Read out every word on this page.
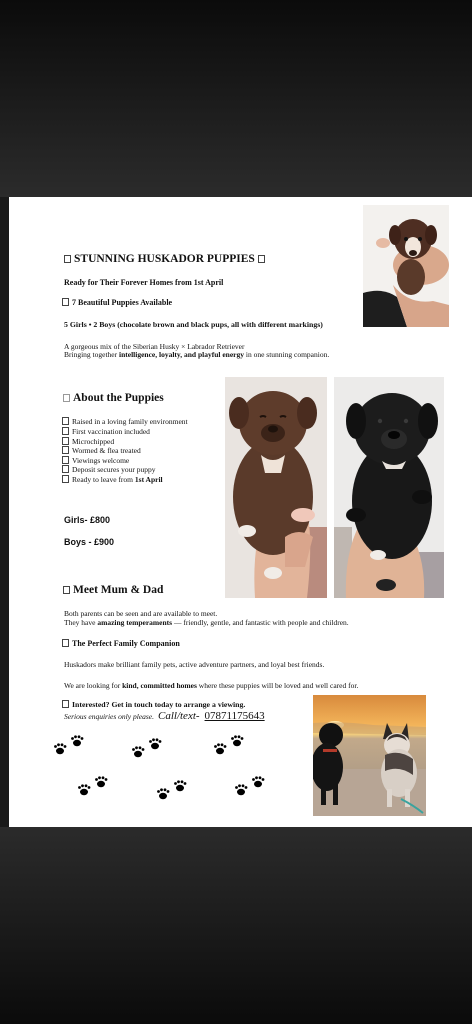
STUNNING HUSKADOR PUPPIES
Ready for Their Forever Homes from 1st April
7 Beautiful Puppies Available
5 Girls • 2 Boys (chocolate brown and black pups, all with different markings)
A gorgeous mix of the Siberian Husky × Labrador Retriever
Bringing together intelligence, loyalty, and playful energy in one stunning companion.
About the Puppies
Raised in a loving family environment
First vaccination included
Microchipped
Wormed & flea treated
Viewings welcome
Deposit secures your puppy
Ready to leave from 1st April
Girls- £800
Boys - £900
Meet Mum & Dad
Both parents can be seen and are available to meet.
They have amazing temperaments — friendly, gentle, and fantastic with people and children.
The Perfect Family Companion
Huskadors make brilliant family pets, active adventure partners, and loyal best friends.
We are looking for kind, committed homes where these puppies will be loved and well cared for.
Interested? Get in touch today to arrange a viewing.
Serious enquiries only please. Call/text- 07871175643
